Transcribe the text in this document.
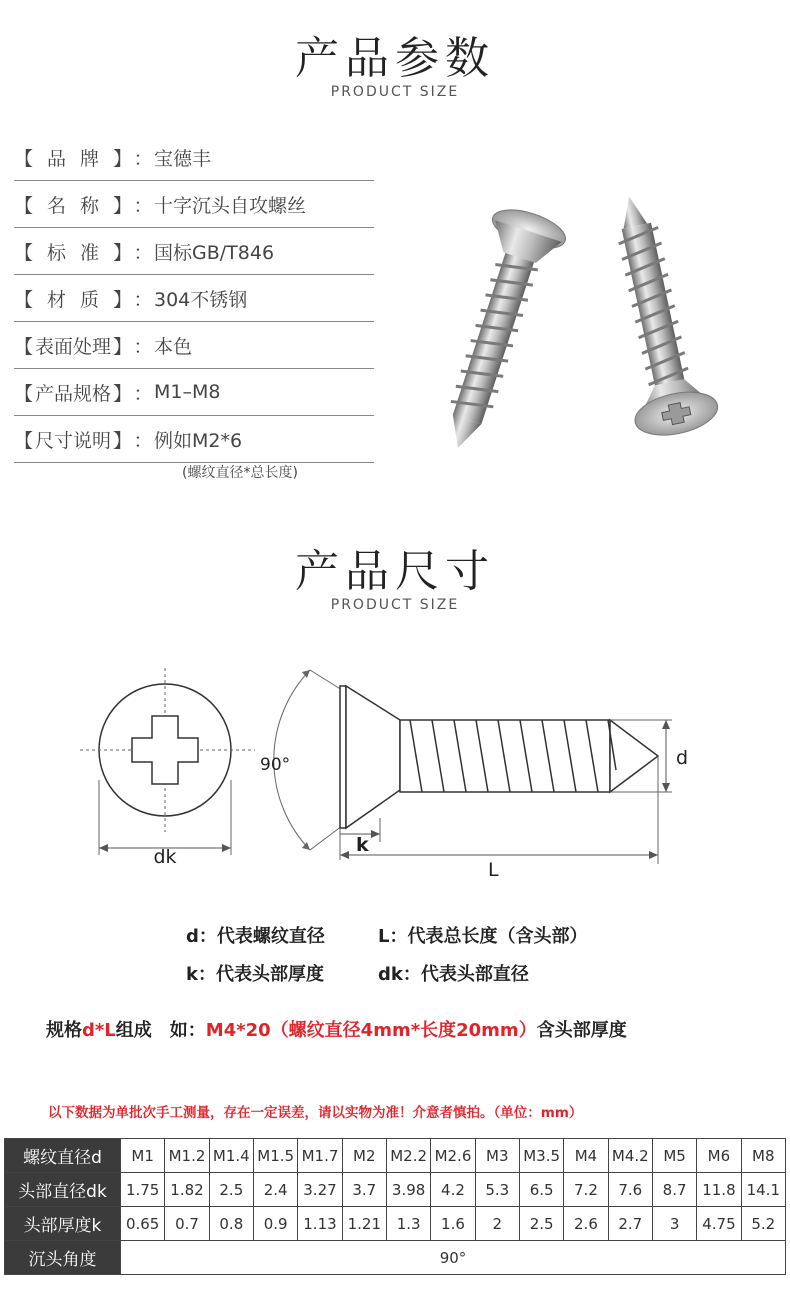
产品参数
PRODUCT SIZE
【 品 牌 】 ： 宝德丰
【 名 称 】 ： 十字沉头自攻螺丝
【 标 准 】 ： 国标GB/T846
【 材 质 】 ： 304不锈钢
【 表面处理 】 ： 本色
【 产品规格 】 ： M1–M8
【 尺寸说明 】 ： 例如M2*6
(螺纹直径*总长度)
产品尺寸
PRODUCT SIZE
dk
90°	d
k
L
d：代表螺纹直径	L：代表总长度（含头部）
k：代表头部厚度	dk：代表头部直径
规格d*L组成　如：M4*20（螺纹直径4mm*长度20mm）含头部厚度
以下数据为单批次手工测量，存在一定误差，请以实物为准！介意者慎拍。（单位：mm）
螺纹直径d	M1	M1.2	M1.4	M1.5	M1.7	M2	M2.2	M2.6	M3	M3.5	M4	M4.2	M5	M6	M8
头部直径dk	1.75	1.82	2.5	2.4	3.27	3.7	3.98	4.2	5.3	6.5	7.2	7.6	8.7	11.8	14.1
头部厚度k	0.65	0.7	0.8	0.9	1.13	1.21	1.3	1.6	2	2.5	2.6	2.7	3	4.75	5.2
沉头角度	90°														
